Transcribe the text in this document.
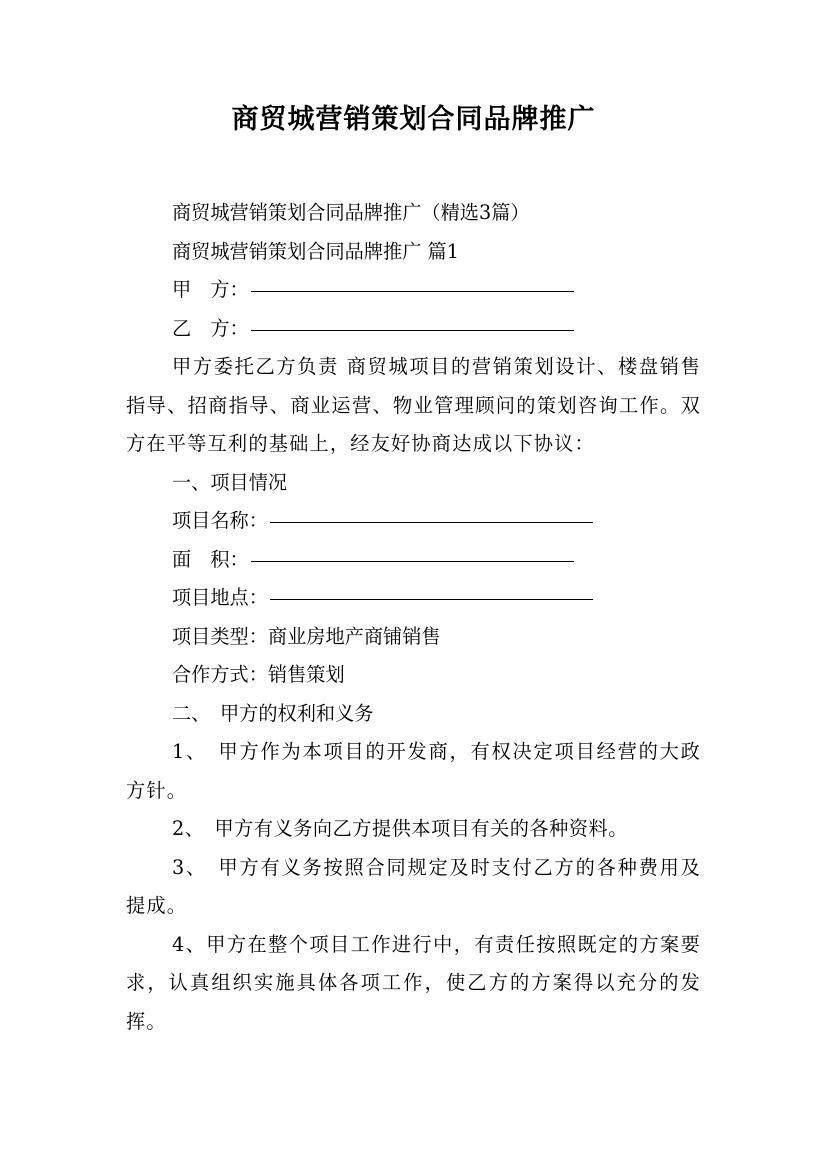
商贸城营销策划合同品牌推广
商贸城营销策划合同品牌推广（精选3篇）
商贸城营销策划合同品牌推广 篇1
甲　方：
乙　方：
甲方委托乙方负责 商贸城项目的营销策划设计、楼盘销售指导、招商指导、商业运营、物业管理顾问的策划咨询工作。双方在平等互利的基础上，经友好协商达成以下协议：
一、项目情况
项目名称：
面　积：
项目地点：
项目类型：商业房地产商铺销售
合作方式：销售策划
二、　甲方的权利和义务
1、　甲方作为本项目的开发商，有权决定项目经营的大政方针。
2、　甲方有义务向乙方提供本项目有关的各种资料。
3、　甲方有义务按照合同规定及时支付乙方的各种费用及提成。
4、甲方在整个项目工作进行中，有责任按照既定的方案要求，认真组织实施具体各项工作，使乙方的方案得以充分的发挥。
